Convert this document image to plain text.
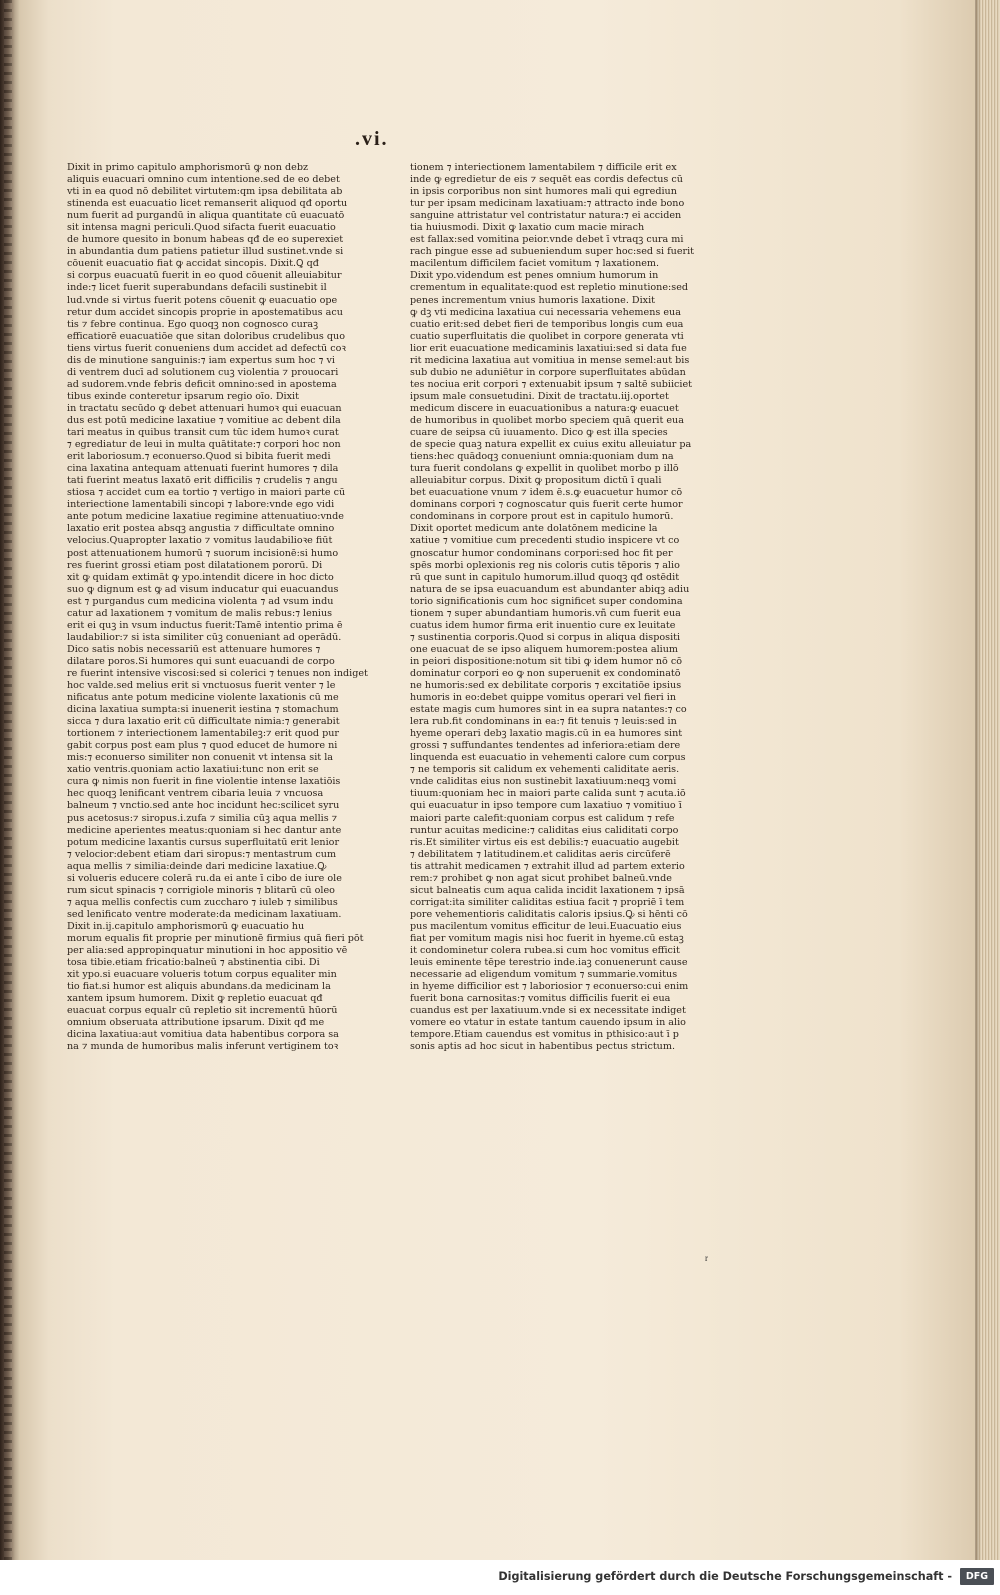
.vi.
Dixit in primo capitulo amphorismorū ꝙ non debz
aliquis euacuari omnino cum intentione.sed de eo debet
vti in ea quod nō debilitet virtutem:qm ipsa debilitata ab
stinenda est euacuatio licet remanserit aliquod qđ oportu
num fuerit ad purgandū in aliqua quantitate cū euacuatō
sit intensa magni periculi.Quod sifacta fuerit euacuatio
de humore quesito in bonum habeas qđ de eo superexiet
in abundantia dum patiens patietur illud sustinet.vnde si
cōuenit euacuatio fiat ꝙ accidat sincopis. Dixit.Ꝗ qđ
si corpus euacuatū fuerit in eo quod cōuenit alleuiabitur
inde:⁊ licet fuerit superabundans defacili sustinebit il
lud.vnde si virtus fuerit potens cōuenit ꝙ euacuatio ope
retur dum accidet sincopis proprie in apostematibus acu
tis ⁊ febre continua. Ego quoqꝫ non cognosco curaꝫ
efficatiorē euacuatiōe que sitan doloribus crudelibus quo
tiens virtus fuerit conueniens dum accidet ad defectū coꝛ
dis de minutione sanguinis:⁊ iam expertus sum hoc ⁊ vi
di ventrem ducī ad solutionem cuꝫ violentia ⁊ prouocari
ad sudorem.vnde febris deficit omnino:sed in apostema
tibus exinde conteretur ipsarum regio oīo. Dixit
in tractatu secūdo ꝙ debet attenuari humoꝛ qui euacuan
dus est potū medicine laxatiue ⁊ vomitiue ac debent dila
tari meatus in quibus transit cum tūc idem humoꝛ curat
⁊ egrediatur de leui in multa quātitate:⁊ corpori hoc non
erit laboriosum.⁊ econuerso.Quod si bibita fuerit medi
cina laxatina antequam attenuati fuerint humores ⁊ dila
tati fuerint meatus laxatō erit difficilis ⁊ crudelis ⁊ angu
stiosa ⁊ accidet cum ea tortio ⁊ vertigo in maiori parte cū
interiectione lamentabili sincopi ⁊ labore:vnde ego vidi
ante potum medicine laxatiue regimine attenuatiuo:vnde
laxatio erit postea absqꝫ angustia ⁊ difficultate omnino
velocius.Quapropter laxatio ⁊ vomitus laudabilioꝛe fiūt
post attenuationem humorū ⁊ suorum incisionē:si humo
res fuerint grossi etiam post dilatationem pororū. Di
xit ꝙ quidam extimāt ꝙ ypo.intendit dicere in hoc dicto
suo ꝙ dignum est ꝙ ad visum inducatur qui euacuandus
est ⁊ purgandus cum medicina violenta ⁊ ad vsum indu
catur ad laxationem ⁊ vomitum de malis rebus:⁊ lenius
erit ei quꝫ in vsum inductus fuerit:Tamē intentio prima ē
laudabilior:⁊ si ista similiter cūꝫ conueniant ad operādū.
Dico satis nobis necessariū est attenuare humores ⁊
dilatare poros.Si humores qui sunt euacuandi de corpo
re fuerint intensive viscosi:sed si colerici ⁊ tenues non indiget
hoc valde.sed melius erit si vnctuosus fuerit venter ⁊ le
nificatus ante potum medicine violente laxationis cū me
dicina laxatiua sumpta:si inuenerit iestina ⁊ stomachum
sicca ⁊ dura laxatio erit cū difficultate nimia:⁊ generabit
tortionem ⁊ interiectionem lamentabileꝫ:⁊ erit quod pur
gabit corpus post eam plus ⁊ quod educet de humore ni
mis:⁊ econuerso similiter non conuenit vt intensa sit la
xatio ventris.quoniam actio laxatiui:tunc non erit se
cura ꝙ nimis non fuerit in fine violentie intense laxatiōis
hec quoqꝫ lenificant ventrem cibaria leuia ⁊ vncuosa
balneum ⁊ vnctio.sed ante hoc incidunt hec:scilicet syru
pus acetosus:⁊ siropus.i.zufa ⁊ similia cūꝫ aqua mellis ⁊
medicine aperientes meatus:quoniam si hec dantur ante
potum medicine laxantis cursus superfluitatū erit lenior
⁊ velocior:debent etiam dari sirοpus:⁊ mentastrum cum
aqua mellis ⁊ similia:deinde dari medicine laxatiue.Ꝙ
si volueris educere colerā ru.da ei ante ī cibo de iure ole
rum sicut spinacis ⁊ corrigiole minoris ⁊ blitarū cū oleo
⁊ aqua mellis confectis cum zuccharo ⁊ iuleb ⁊ similibus
sed lenificato ventre moderate:da medicinam laxatiuam.
Dixit in.ij.capitulo amphorismorū ꝙ euacuatio hu
morum equalis fit proprie per minutionē firmius quā fieri pōt
per alia:sed appropinquatur minutioni in hoc appositio vē
tosa tibie.etiam fricatio:balneū ⁊ abstinentia cibi. Di
xit ypo.si euacuare volueris totum corpus equaliter min
tio fiat.si humor est aliquis abundans.da medicinam la
xantem ipsum humorem. Dixit ꝙ repletio euacuat qđ
euacuat corpus equalr cū repletio sit incrementū hūorū
omnium obseruata attributione ipsarum. Dixit qđ me
dicina laxatiua:aut vomitiua data habentibus corpora sa
na ⁊ munda de humoribus malis inferunt vertiginem toꝛ
tionem ⁊ interiectionem lamentabilem ⁊ difficile erit ex
inde ꝙ egredietur de eis ⁊ sequēt eas cordis defectus cū
in ipsis corporibus non sint humores mali qui egrediun
tur per ipsam medicinam laxatiuam:⁊ attracto inde bono
sanguine attristatur vel contristatur natura:⁊ ei acciden
tia huiusmodi. Dixit ꝙ laxatio cum macie mirach
est fallax:sed vomitina peior.vnde debet ī vtraqꝫ cura mi
rach pingue esse ad subueniendum super hoc:sed si fuerit
macilentum difficilem faciet vomitum ⁊ laxationem.
Dixit ypo.videndum est penes omnium humorum in
crementum in equalitate:quod est repletio minutione:sed
penes incrementum vnius humoris laxatione. Dixit
ꝙ dꝫ vti medicina laxatiua cui necessaria vehemens eua
cuatio erit:sed debet fieri de temporibus longis cum eua
cuatio superfluitatis die quolibet in corpore generata vti
lior erit euacuatione medicaminis laxatiui:sed si data fue
rit medicina laxatiua aut vomitiua in mense semel:aut bis
sub dubio ne aduniētur in corpore superfluitates abūdan
tes nociua erit corpori ⁊ extenuabit ipsum ⁊ saltē subiiciet
ipsum male consuetudini. Dixit de tractatu.iij.oportet
medicum discere in euacuationibus a natura:ꝙ euacuet
de humoribus in quolibet morbo speciem quā querit eua
cuare de seipsa cū iuuamento. Dico ꝙ est illa species
de specie quaꝫ natura expellit ex cuius exitu alleuiatur pa
tiens:hec quādoqꝫ conueniunt omnia:quoniam dum na
tura fuerit condolans ꝙ expellit in quolibet morbo p illō
alleuiabitur corpus. Dixit ꝙ propositum dictū ī quali
bet euacuatione vnum ⁊ idem ē.s.ꝙ euacuetur humor cō
dominans corpori ⁊ cognoscatur quis fuerit certe humor
condominans in corpore prout est in capitulo humorū.
Dixit oportet medicum ante dolatōnem medicine la
xatiue ⁊ vomitiue cum precedenti studio inspicere vt co
gnoscatur humor condominans corpori:sed hoc fit per
spēs morbi oplexionis reg nis coloris cutis tēporis ⁊ alio
rū que sunt in capitulo humorum.illud quoqꝫ qđ ostēdit
natura de se ipsa euacuandum est abundanter abiqꝫ adiu
torio significationis cum hoc significet super condomina
tionem ⁊ super abundantiam humoris.vñ cum fuerit eua
cuatus idem humor firma erit inuentio cure ex leuitate
⁊ sustinentia corporis.Quod si corpus in aliqua dispositi
one euacuat de se ipso aliquem humorem:postea alium
in peiori dispositione:notum sit tibi ꝙ idem humor nō cō
dominatur corpori eo ꝙ non superuenit ex condominatō
ne humoris:sed ex debilitate corporis ⁊ excitatiōe ipsius
humoris in eo:debet quippe vomitus operari vel fieri in
estate magis cum humores sint in ea supra natantes:⁊ co
lera rub.fit condominans in ea:⁊ fit tenuis ⁊ leuis:sed in
hyeme operari debꝫ laxatio magis.cū in ea humores sint
grossi ⁊ suffundantes tendentes ad inferiora:etiam dere
linquenda est euacuatio in vehementi calore cum corpus
⁊ ne temporis sit calidum ex vehementi caliditate aeris.
vnde caliditas eius non sustinebit laxatiuum:neqꝫ vomi
tiuum:quoniam hec in maiori parte calida sunt ⁊ acuta.iō
qui euacuatur in ipso tempore cum laxatiuo ⁊ vomitiuo ī
maiori parte calefit:quoniam corpus est calidum ⁊ refe
runtur acuitas medicine:⁊ caliditas eius caliditati corpo
ris.Et similiter virtus eis est debilis:⁊ euacuatio augebit
⁊ debilitatem ⁊ latitudinem.et caliditas aeris circūferē
tis attrahit medicamen ⁊ extrahit illud ad partem exterio
rem:⁊ prohibet ꝙ non agat sicut prohibet balneū.vnde
sicut balneatis cum aqua calida incidit laxationem ⁊ ipsā
corrigat:ita similiter caliditas estiua facit ⁊ propriē ī tem
pore vehementioris caliditatis caloris ipsius.Ꝙ si hēnti cō
pus macilentum vomitus efficitur de leui.Euacuatio eius
fiat per vomitum magis nisi hoc fuerit in hyeme.cū estaꝫ
it condominetur colera rubea.si cum hoc vomitus efficit
leuis eminente tēpe terestrio inde.iaꝫ conuenerunt cause
necessarie ad eligendum vomitum ⁊ summarie.vomitus
in hyeme difficilior est ⁊ laboriosior ⁊ econuerso:cui enim
fuerit bona carnositas:⁊ vomitus difficilis fuerit ei eua
cuandus est per laxatiuum.vnde si ex necessitate indiget
vomere eo vtatur in estate tantum cauendo ipsum in alio
tempore.Etiam cauendus est vomitus in pthisico:aut ī p
sonis aptis ad hoc sicut in habentibus pectus strictum.
r
Digitalisierung gefördert durch die Deutsche Forschungsgemeinschaft -	DFG
